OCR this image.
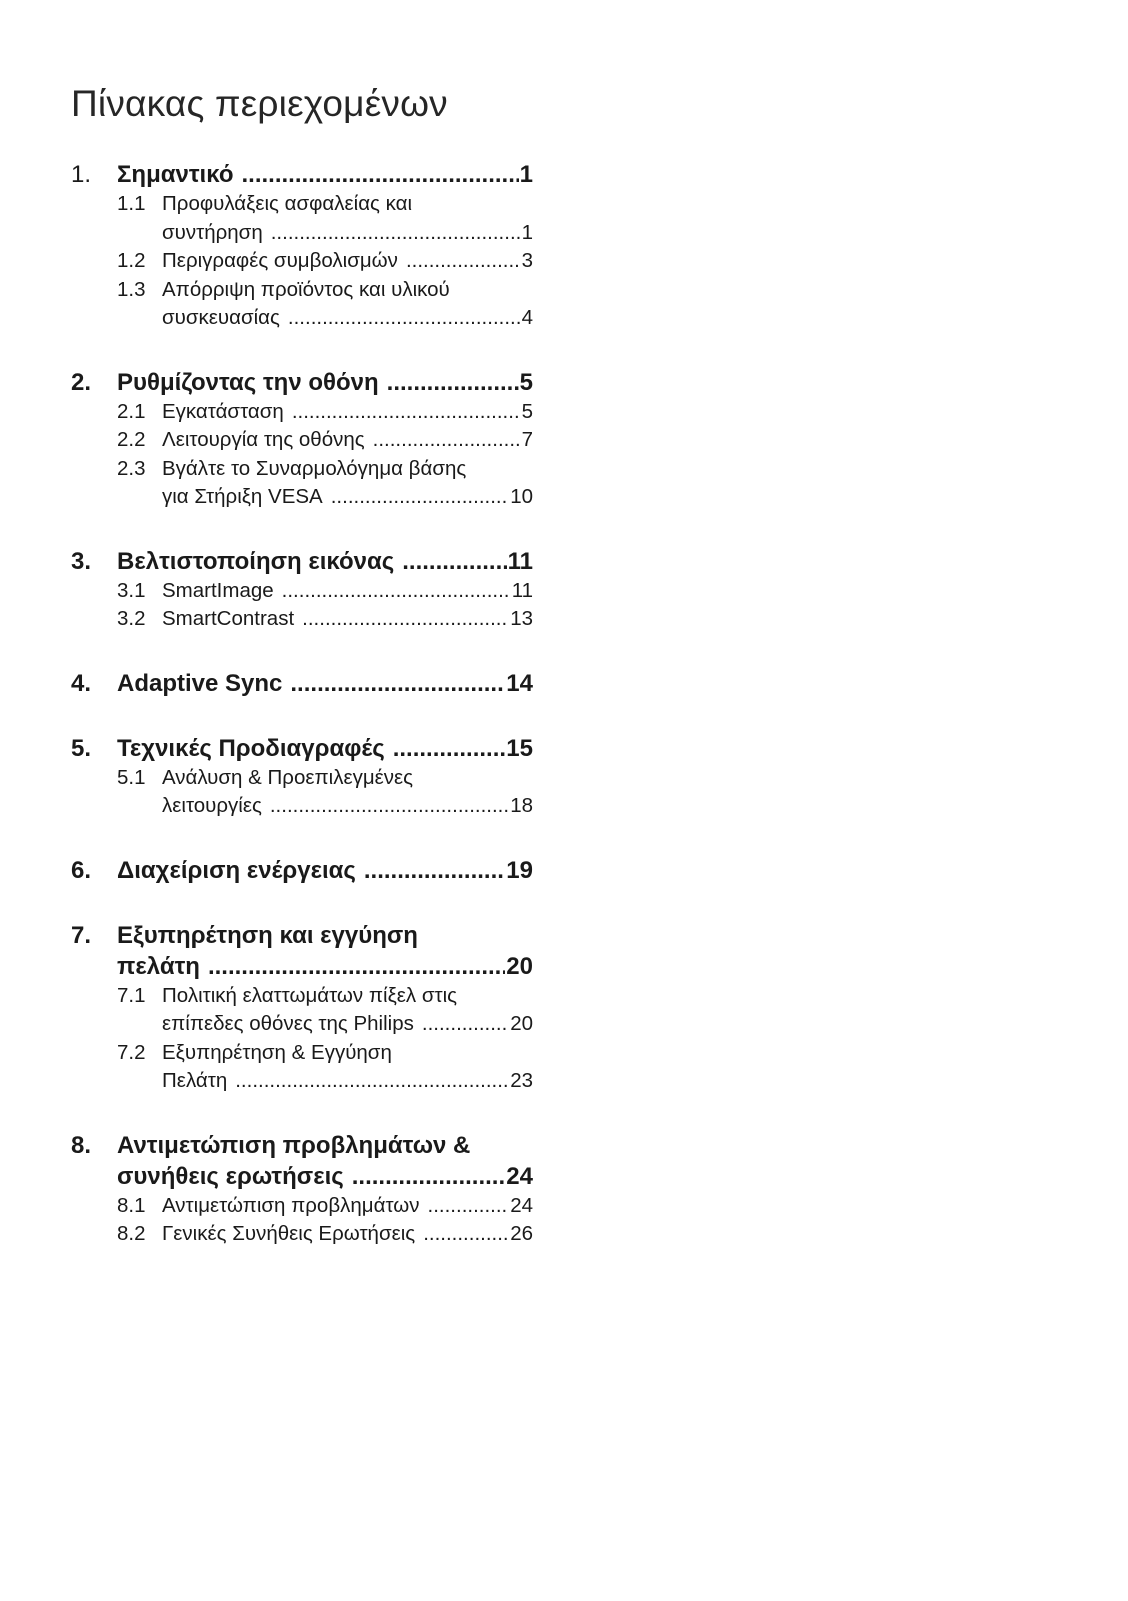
Πίνακας περιεχομένων
1.	Σημαντικό .....	1
1.1 Προφυλάξεις ασφαλείας και
συντήρηση .....	1
1.2 Περιγραφές συμβολισμών .....	3
1.3 Απόρριψη προϊόντος και υλικού
συσκευασίας .....	4
2.	Ρυθμίζοντας την οθόνη .....	5
2.1 Εγκατάσταση .....	5
2.2 Λειτουργία της οθόνης .....	7
2.3 Βγάλτε το Συναρμολόγημα βάσης
για Στήριξη VESA .....	10
3.	Βελτιστοποίηση εικόνας .....	11
3.1 SmartImage .....	11
3.2 SmartContrast .....	13
4.	Adaptive Sync .....	14
5.	Τεχνικές Προδιαγραφές .....	15
5.1 Ανάλυση & Προεπιλεγμένες
λειτουργίες .....	18
6.	Διαχείριση ενέργειας .....	19
7.	Εξυπηρέτηση και εγγύηση
πελάτη .....	20
7.1 Πολιτική ελαττωμάτων πίξελ στις
επίπεδες οθόνες της Philips .....	20
7.2 Εξυπηρέτηση & Εγγύηση
Πελάτη .....	23
8.	Αντιμετώπιση προβλημάτων &
συνήθεις ερωτήσεις .....	24
8.1 Αντιμετώπιση προβλημάτων .....	24
8.2 Γενικές Συνήθεις Ερωτήσεις .....	26
